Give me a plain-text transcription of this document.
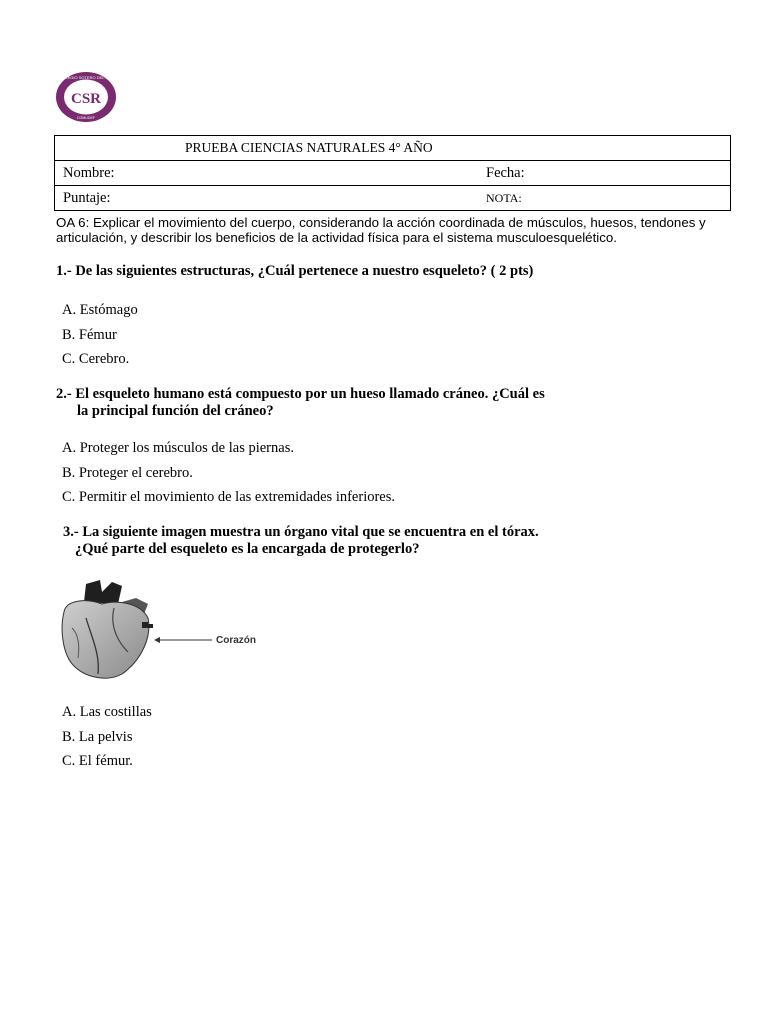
CSR
COLEGIO SOTERO DEL RIO
COMUDEF
PRUEBA CIENCIAS NATURALES 4° AÑO

Nombre:	Fecha:

Puntaje:	NOTA:
OA 6: Explicar el movimiento del cuerpo, considerando la acción coordinada de músculos, huesos, tendones y articulación, y describir los beneficios de la actividad física para el sistema musculoesquelético.
1.- De las siguientes estructuras, ¿Cuál pertenece a nuestro esqueleto? ( 2 pts)
A. Estómago
B. Fémur
C. Cerebro.
2.- El esqueleto humano está compuesto por un hueso llamado cráneo. ¿Cuál es
la principal función del cráneo?
A. Proteger los músculos de las piernas.
B. Proteger el cerebro.
C. Permitir el movimiento de las extremidades inferiores.
3.- La siguiente imagen muestra un órgano vital que se encuentra en el tórax.
¿Qué parte del esqueleto es la encargada de protegerlo?
Corazón
A. Las costillas
B. La pelvis
C. El fémur.
